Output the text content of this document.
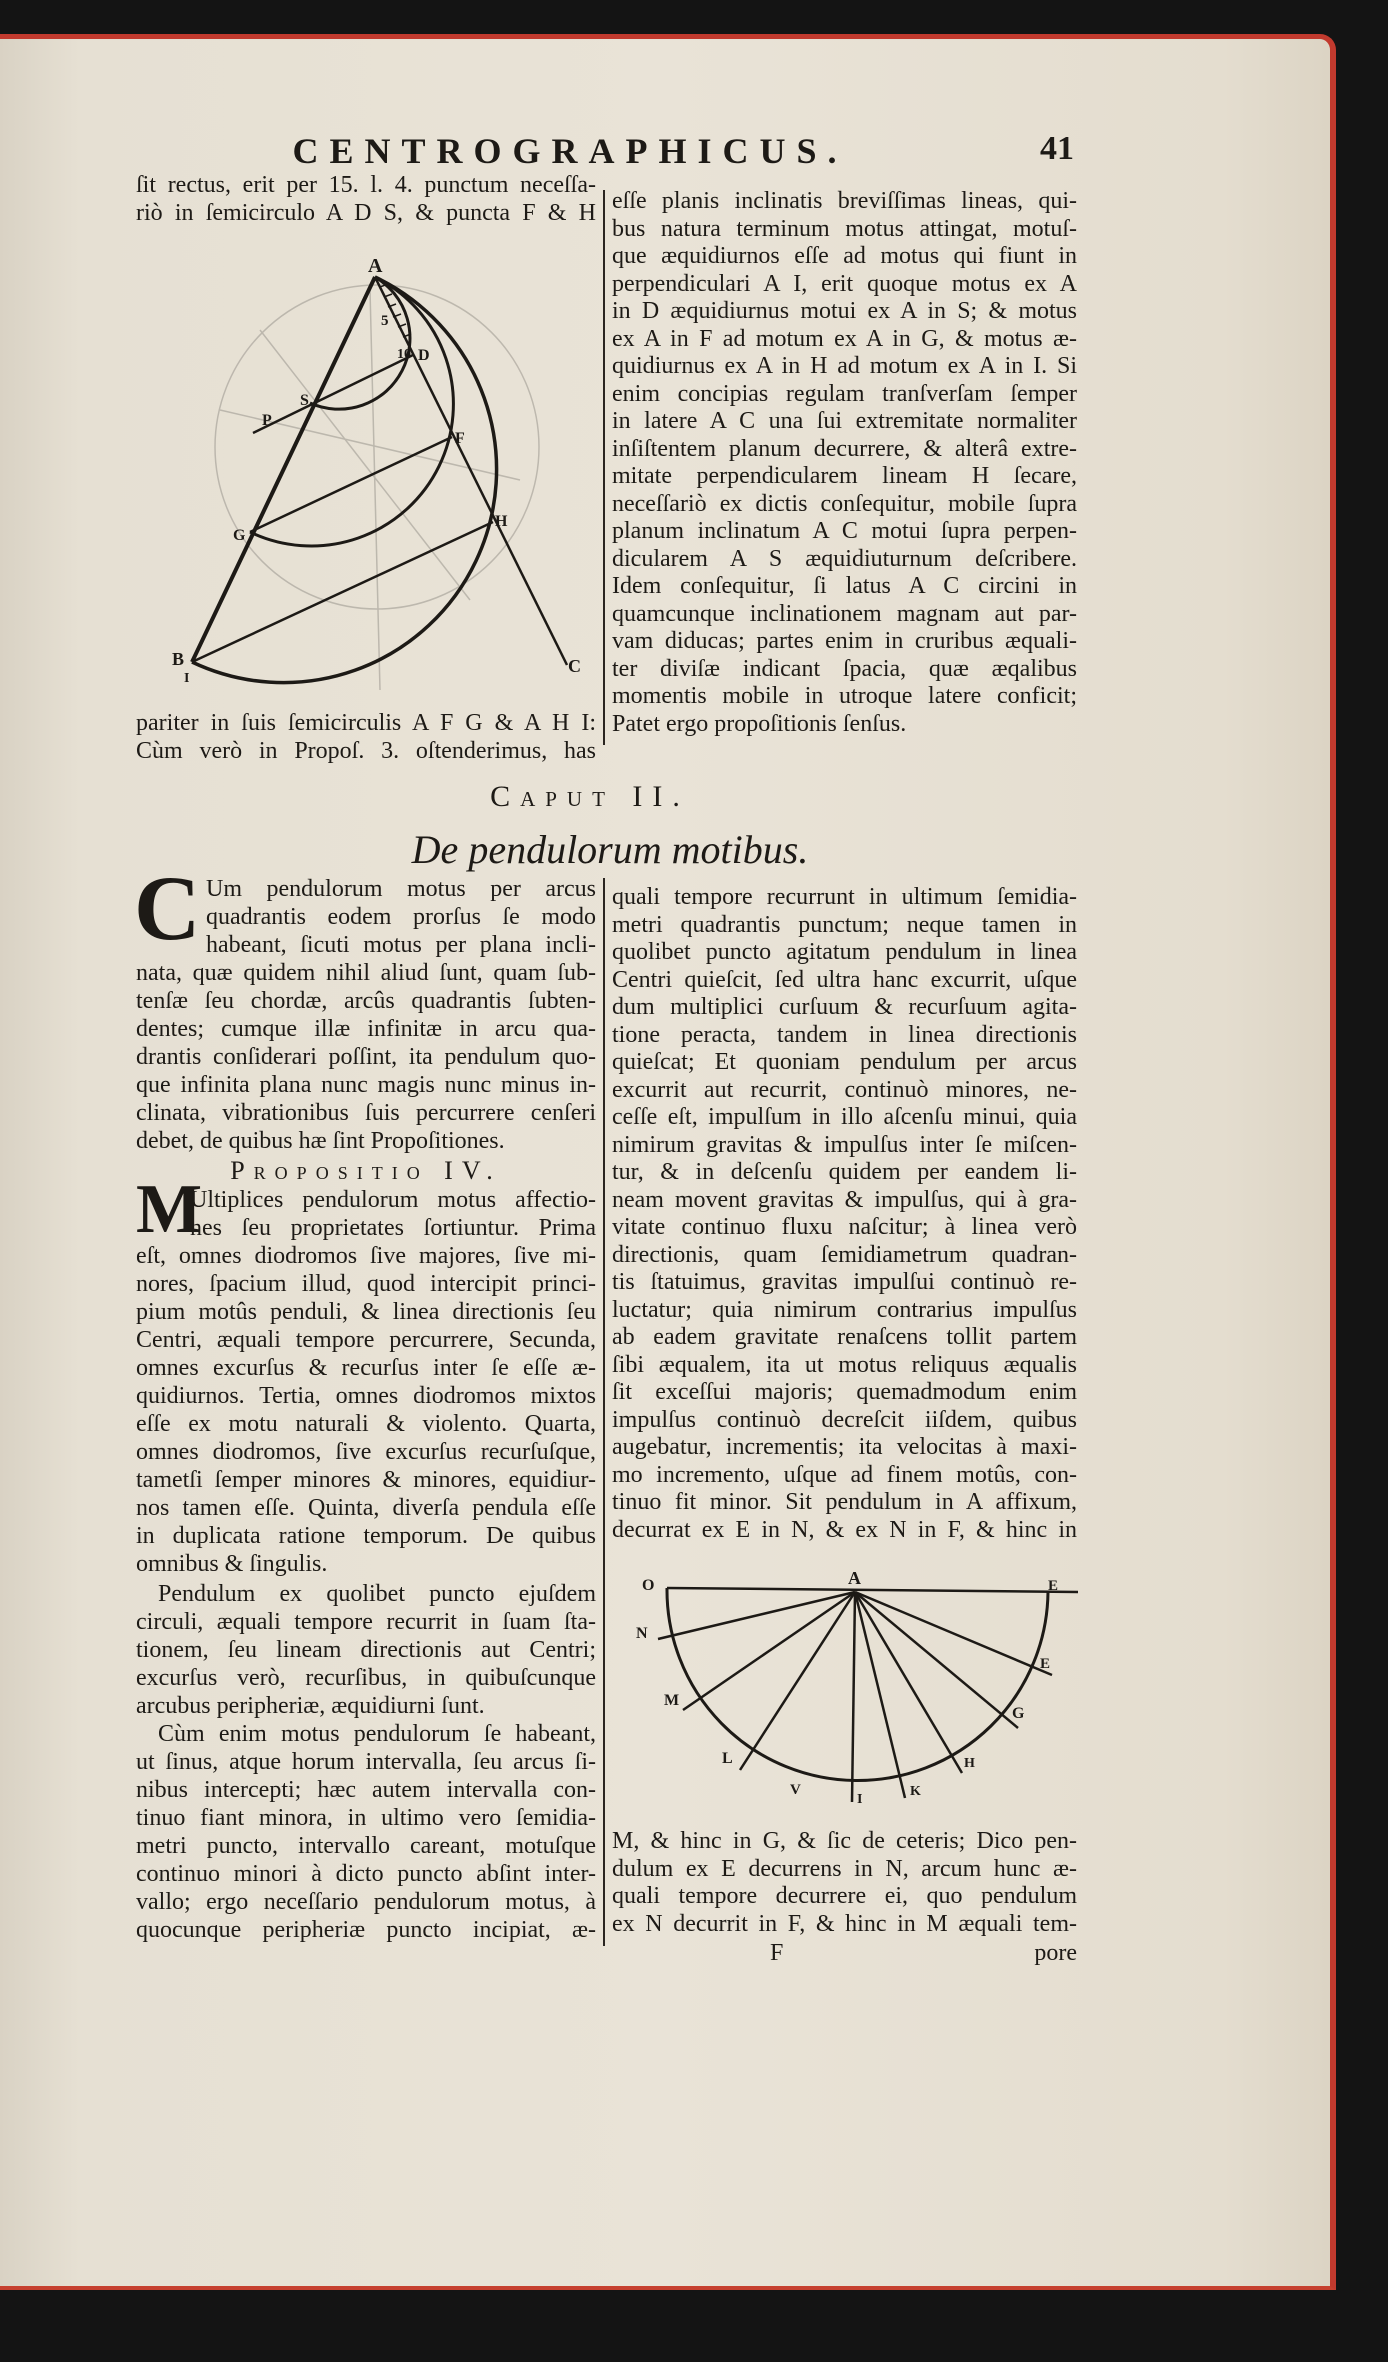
CENTROGRAPHICUS.	41
ſit rectus, erit per 15. l. 4. punctum neceſſa-
riò in ſemicirculo A D S, & puncta F & H
A
B
I
C
D
S
P
F
G
H
5
10
pariter in ſuis ſemicirculis A F G & A H I:
Cùm verò in Propoſ. 3. oſtenderimus, has
eſſe planis inclinatis breviſſimas lineas, qui-
bus natura terminum motus attingat, motuſ-
que æquidiurnos eſſe ad motus qui fiunt in
perpendiculari A I, erit quoque motus ex A
in D æquidiurnus motui ex A in S; & motus
ex A in F ad motum ex A in G, & motus æ-
quidiurnus ex A in H ad motum ex A in I. Si
enim concipias regulam tranſverſam ſemper
in latere A C una ſui extremitate normaliter
inſiſtentem planum decurrere, & alterâ extre-
mitate perpendicularem lineam H ſecare,
neceſſariò ex dictis conſequitur, mobile ſupra
planum inclinatum A C motui ſupra perpen-
dicularem A S æquidiuturnum deſcribere.
Idem conſequitur, ſi latus A C circini in
quamcunque inclinationem magnam aut par-
vam diducas; partes enim in cruribus æquali-
ter diviſæ indicant ſpacia, quæ æqalibus
momentis mobile in utroque latere conficit;
Patet ergo propoſitionis ſenſus.
Caput II.
De pendulorum motibus.
C Um pendulorum motus per arcus
quadrantis eodem prorſus ſe modo
habeant, ſicuti motus per plana incli-
nata, quæ quidem nihil aliud ſunt, quam ſub-
tenſæ ſeu chordæ, arcûs quadrantis ſubten-
dentes; cumque illæ infinitæ in arcu qua-
drantis conſiderari poſſint, ita pendulum quo-
que infinita plana nunc magis nunc minus in-
clinata, vibrationibus ſuis percurrere cenſeri
debet, de quibus hæ ſint Propoſitiones.
Propositio IV.
M
Ultiplices pendulorum motus affectio-
nes ſeu proprietates ſortiuntur. Prima
eſt, omnes diodromos ſive majores, ſive mi-
nores, ſpacium illud, quod intercipit princi-
pium motûs penduli, & linea directionis ſeu
Centri, æquali tempore percurrere, Secunda,
omnes excurſus & recurſus inter ſe eſſe æ-
quidiurnos. Tertia, omnes diodromos mixtos
eſſe ex motu naturali & violento. Quarta,
omnes diodromos, ſive excurſus recurſuſque,
tametſi ſemper minores & minores, equidiur-
nos tamen eſſe. Quinta, diverſa pendula eſſe
in duplicata ratione temporum. De quibus
omnibus & ſingulis.
Pendulum ex quolibet puncto ejuſdem
circuli, æquali tempore recurrit in ſuam ſta-
tionem, ſeu lineam directionis aut Centri;
excurſus verò, recurſibus, in quibuſcunque
arcubus peripheriæ, æquidiurni ſunt.
Cùm enim motus pendulorum ſe habeant,
ut ſinus, atque horum intervalla, ſeu arcus ſi-
nibus intercepti; hæc autem intervalla con-
tinuo fiant minora, in ultimo vero ſemidia-
metri puncto, intervallo careant, motuſque
continuo minori à dicto puncto abſint inter-
vallo; ergo neceſſario pendulorum motus, à
quocunque peripheriæ puncto incipiat, æ-
quali tempore recurrunt in ultimum ſemidia-
metri quadrantis punctum; neque tamen in
quolibet puncto agitatum pendulum in linea
Centri quieſcit, ſed ultra hanc excurrit, uſque
dum multiplici curſuum & recurſuum agita-
tione peracta, tandem in linea directionis
quieſcat; Et quoniam pendulum per arcus
excurrit aut recurrit, continuò minores, ne-
ceſſe eſt, impulſum in illo aſcenſu minui, quia
nimirum gravitas & impulſus inter ſe miſcen-
tur, & in deſcenſu quidem per eandem li-
neam movent gravitas & impulſus, qui à gra-
vitate continuo fluxu naſcitur; à linea verò
directionis, quam ſemidiametrum quadran-
tis ſtatuimus, gravitas impulſui continuò re-
luctatur; quia nimirum contrarius impulſus
ab eadem gravitate renaſcens tollit partem
ſibi æqualem, ita ut motus reliquus æqualis
ſit exceſſui majoris; quemadmodum enim
impulſus continuò decreſcit iiſdem, quibus
augebatur, incrementis; ita velocitas à maxi-
mo incremento, uſque ad finem motûs, con-
tinuo fit minor. Sit pendulum in A affixum,
decurrat ex E in N, & ex N in F, & hinc in
O	A	E
N
M
L
V
I
K
H
G
E
M, & hinc in G, & ſic de ceteris; Dico pen-
dulum ex E decurrens in N, arcum hunc æ-
quali tempore decurrere ei, quo pendulum
ex N decurrit in F, & hinc in M æquali tem-
F	pore
